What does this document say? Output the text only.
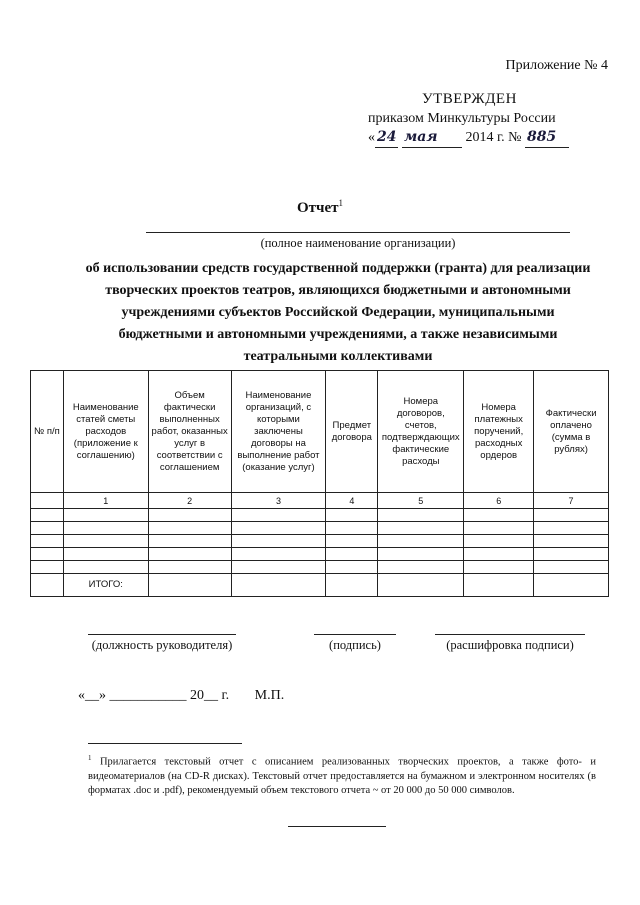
Приложение № 4
УТВЕРЖДЕН
приказом Минкультуры России
« 24 мая 2014 г. № 885
Отчет$^1$
(полное наименование организации)
об использовании средств государственной поддержки (гранта) для реализации творческих проектов театров, являющихся бюджетными и автономными учреждениями субъектов Российской Федерации, муниципальными бюджетными и автономными учреждениями, а также независимыми театральными коллективами
№ п/п	Наименование статей сметы расходов (приложение к соглашению)	Объем фактически выполненных работ, оказанных услуг в соответствии с соглашением	Наименование организаций, с которыми заключены договоры на выполнение работ (оказание услуг)	Предмет договора	Номера договоров, счетов, подтверждающих фактические расходы	Номера платежных поручений, расходных ордеров	Фактически оплачено (сумма в рублях)
	1	2	3	4	5	6	7

	ИТОГО:						
(должность руководителя)	(подпись)	(расшифровка подписи)
«__» ___________ 20__ г. М.П.
$^1$ Прилагается текстовый отчет с описанием реализованных творческих проектов, а также фото- и видеоматериалов (на CD-R дисках). Текстовый отчет предоставляется на бумажном и электронном носителях (в форматах .doc и .pdf), рекомендуемый объем текстового отчета ~ от 20 000 до 50 000 символов.
